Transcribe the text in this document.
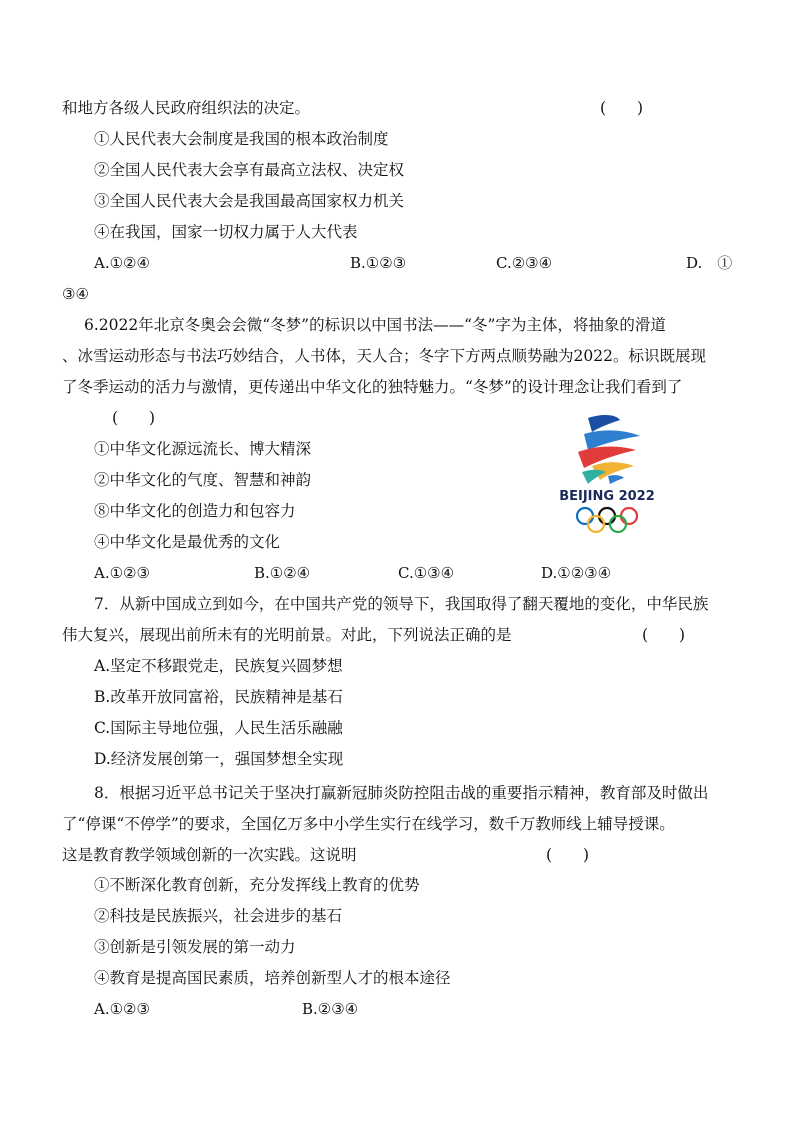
和地方各级人民政府组织法的决定。	(　　)
①人民代表大会制度是我国的根本政治制度
②全国人民代表大会享有最高立法权、决定权
③全国人民代表大会是我国最高国家权力机关
④在我国，国家一切权力属于人大代表
A.①②④	B.①②③	C.②③④	D.　①
③④
6.2022年北京冬奥会会微“冬梦”的标识以中国书法——“冬”字为主体，将抽象的滑道
、冰雪运动形态与书法巧妙结合，人书体，天人合；冬字下方两点顺势融为2022。标识既展现
了冬季运动的活力与激情，更传递出中华文化的独特魅力。“冬梦”的设计理念让我们看到了
(　　)
①中华文化源远流长、博大精深
②中华文化的气度、智慧和神韵
⑧中华文化的创造力和包容力
④中华文化是最优秀的文化
BEIJING 2022
A.①②③	B.①②④	C.①③④	D.①②③④
7．从新中国成立到如今，在中国共产党的领导下，我国取得了翻天覆地的变化，中华民族
伟大复兴，展现出前所未有的光明前景。对此，下列说法正确的是	(　　)
A.坚定不移跟党走，民族复兴圆梦想
B.改革开放同富裕，民族精神是基石
C.国际主导地位强，人民生活乐融融
D.经济发展创第一，强国梦想全实现
8．根据习近平总书记关于坚决打赢新冠肺炎防控阻击战的重要指示精神，教育部及时做出
了“停课“不停学”的要求，全国亿万多中小学生实行在线学习，数千万教师线上辅导授课。
这是教育教学领域创新的一次实践。这说明	(　　)
①不断深化教育创新，充分发挥线上教育的优势
②科技是民族振兴，社会进步的基石
③创新是引领发展的第一动力
④教育是提高国民素质，培养创新型人才的根本途径
A.①②③	B.②③④
